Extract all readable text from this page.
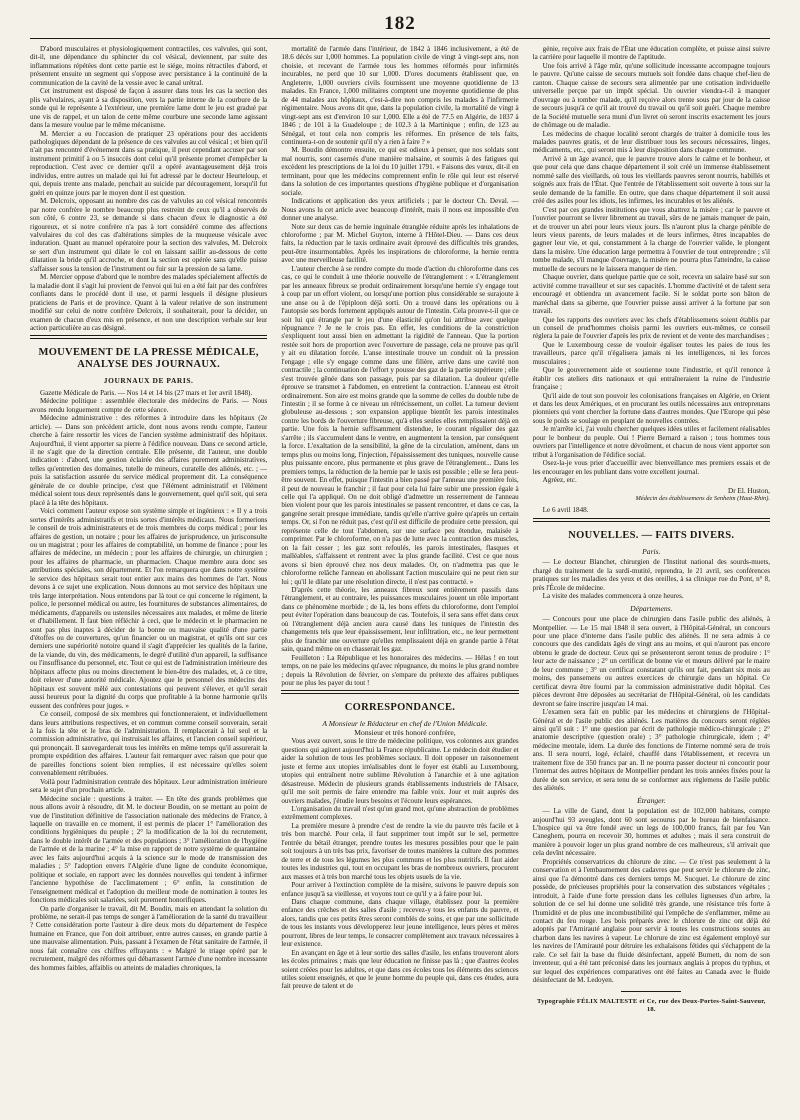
182

D'abord musculaires et physiologiquement contractiles, ces valvules, qui sont, dit-il, une dépendance du sphincter du col vésical, deviennent, par suite des inflammations répétées dont cette partie est le siége, moins rétractiles d'abord, et présentent ensuite un segment qui s'oppose avec persistance à la continuité de la communication de la cavité de la vessie avec le canal urétral.

Cet instrument est disposé de façon à assurer dans tous les cas la section des plis valvulaires, ayant à sa disposition, vers la partie interne de la courbure de la sonde qui le représente à l'extérieur, une première lame dont le jeu est gradué par une vis de rappel, et un talon de cette même courbure une seconde lame agissant dans la mesure voulue par le même mécanisme.

M. Mercier a eu l'occasion de pratiquer 23 opérations pour des accidents pathologiques dépendant de la présence de ces valvules au col vésical ; et bien qu'il n'ait pas rencontré d'événement dans sa pratique, il peut cependant accuser par son instrument primitif à ou 5 insuccès dont celui qu'il présente promet d'empêcher la reproduction. C'est avec ce dernier qu'il a opéré avantageusement déjà trois individus, entre autres un malade qui lui fut adressé par le docteur Heurteloup, et qui, depuis trente ans malade, penchait au suicide par découragement, lorsqu'il fut guéri en quinze jours par le moyen dont il est question.

M. Delcroix, opposant au nombre des cas de valvules au col vésical rencontrés par notre confrère le nombre beaucoup plus restreint de ceux qu'il a observés de son côté, 6 contre 23, se demande si dans chacun d'eux le diagnostic a été rigoureux, et si notre confrère n'a pas à tort considéré comme des affections valvulaires du col des cas d'altérations simples de la muqueuse vésicale avec induration. Quant au manuel opératoire pour la section des valvules, M. Delcroix se sert d'un instrument qui dilate le col en laissant saillir au-dessous de cette dilatation la bride qu'il accroche, et dont la section est opérée sans qu'elle puisse s'affaisser sous la tension de l'instrument ou fuir sur la pression de sa lame.

M. Mercier oppose d'abord que le nombre des malades spécialement affectés de la maladie dont il s'agit lui provient de l'envoi qui lui en a été fait par des confrères confiants dans le procédé dont il use, et parmi lesquels il désigne plusieurs praticiens de Paris et de province. Quant à la valeur relative de son instrument modifié sur celui de notre confrère Delcroix, il souhaiterait, pour la décider, un examen de chacun d'eux mis en présence, et non une description verbale sur leur action particulière au cas désigné.

MOUVEMENT DE LA PRESSE MÉDICALE, ANALYSE DES JOURNAUX.
JOURNAUX DE PARIS.

Gazette Médicale de Paris. — Nos 14 et 14 bis (27 mars et 1er avril 1848).

Médecine politique : assemblée électorale des médecins de Paris. — Nous avons rendu longuement compte de cette séance.

Médecine administrative : des réformes à introduire dans les hôpitaux (2e article). — Dans son précédent article, dont nous avons rendu compte, l'auteur cherche à faire ressortir les vices de l'ancien système administratif des hôpitaux. Aujourd'hui, il vient apporter sa pierre à l'édifice nouveau. Dans ce second article, il ne s'agit que de la direction centrale. Elle présente, dit l'auteur, une double indication : d'abord, une gestion éclairée des affaires purement administratives, telles qu'entretien des domaines, tutelle de mineurs, curatelle des aliénés, etc. ; — puis la satisfaction assurée du service médical proprement dit. La conséquence générale de ce double principe, c'est que l'élément administratif et l'élément médical soient tous deux représentés dans le gouvernement, quel qu'il soit, qui sera placé à la tête des hôpitaux.

Voici comment l'auteur expose son système simple et ingénieux : « Il y a trois sortes d'intérêts administratifs et trois sortes d'intérêts médicaux. Nous formerions le conseil de trois administrateurs et de trois membres du corps médical ; pour les affaires de gestion, un notaire ; pour les affaires de jurisprudence, un jurisconsulte ou un magistrat ; pour les affaires de comptabilité, un homme de finance ; pour les affaires de médecine, un médecin ; pour les affaires de chirurgie, un chirurgien ; pour les affaires de pharmacie, un pharmacien. Chaque membre aura donc ses attributions spéciales, son département. Et l'on remarquera que dans notre système le service des hôpitaux serait tout entier aux mains des hommes de l'art. Nous devons à ce sujet une explication. Nous donnons au mot service des hôpitaux une très large interprétation. Nous entendons par là tout ce qui concerne le régiment, la police, le personnel médical ou autre, les fournitures de substances alimentaires, de médicaments, d'appareils ou ustensiles nécessaires aux malades, et même de literie et d'habillement. Il faut bien réfléchir à ceci, que le médecin et le pharmacien ne sont pas plus inaptes à décider de la bonne ou mauvaise qualité d'une partie d'étoffes ou de couvertures, qu'un financier ou un magistrat, et qu'ils ont sur ces derniers une supériorité notoire quand il s'agit d'apprécier les qualités de la farine, de la viande, du vin, des médicaments, le degré d'utilité d'un appareil, la suffisance ou l'insuffisance du personnel, etc. Tout ce qui est de l'administration intérieure des hôpitaux affecte plus ou moins directement le bien-être des malades, et, à ce titre, doit relever d'une autorité médicale. Ajoutez que le personnel des médecins des hôpitaux est souvent mêlé aux contestations qui peuvent s'élever, et qu'il serait aussi heureux pour la dignité du corps que profitable à la bonne harmonie qu'ils eussent des confrères pour juges. »

Ce conseil, composé de six membres qui fonctionneraient, et individuellement dans leurs attributions respectives, et en commun comme conseil souverain, serait à la fois la tête et le bras de l'administration. Il remplacerait à lui seul et la commission administrative, qui instruisait les affaires, et l'ancien conseil supérieur, qui prononçait. Il sauvegarderait tous les intérêts en même temps qu'il assurerait la prompte expédition des affaires. L'auteur fait remarquer avec raison que pour que de pareilles fonctions soient bien remplies, il est nécessaire qu'elles soient convenablement rétribuées.

Voilà pour l'administration centrale des hôpitaux. Leur administration intérieure sera le sujet d'un prochain article.

Médecine sociale : questions à traiter. — En tête des grands problèmes que nous allons avoir à résoudre, dit M. le docteur Boudin, on se mettant au point de vue de l'institution définitive de l'association nationale des médecins de France, à laquelle on travaille en ce moment, il est permis de placer 1° l'amélioration des conditions hygiéniques du peuple ; 2° la modification de la loi du recrutement, dans le double intérêt de l'armée et des populations ; 3° l'amélioration de l'hygiène de l'armée et de la marine ; 4° la mise en rapport de notre système de quarantaine avec les faits aujourd'hui acquis à la science sur le mode de transmission des maladies ; 5° l'adoption envers l'Algérie d'une ligne de conduite économique, politique et sociale, en rapport avec les données nouvelles qui tendent à infirmer l'ancienne hypothèse de l'acclimatement ; 6° enfin, la constitution de l'enseignement médical et l'adoption du meilleur mode de nomination à toutes les fonctions médicales soit salariées, soit purement honorifiques.

On parle d'organiser le travail, dit M. Boudin, mais en attendant la solution du problème, ne serait-il pas temps de songer à l'amélioration de la santé du travailleur ? Cette considération porte l'auteur à dire deux mots du département de l'espèce humaine en France, que l'on doit attribuer, entre autres causes, en grande partie à une mauvaise alimentation. Puis, passant à l'examen de l'état sanitaire de l'armée, il nous fait connaître ces chiffres effrayants : « Malgré le triage opéré par le recrutement, malgré des réformes qui débarrassent l'armée d'une nombre incessante des hommes faibles, affaiblis ou atteints de maladies chroniques, la

mortalité de l'armée dans l'intérieur, de 1842 à 1846 inclusivement, a été de 18.6 décès sur 1,000 hommes. La population civile de vingt à vingt-sept ans, non choisie, et recevant de l'armée tous les hommes réformés pour infirmités incurables, ne perd que 10 sur 1,000. D'ores documents établissent que, en Angleterre, 1,000 ouvriers civils fournissent une moyenne quotidienne de 13 malades. En France, 1,000 militaires comptent une moyenne quotidienne de plus de 44 malades aux hôpitaux, c'est-à-dire non compris les malades à l'infirmerie régimentaire. Nous avons dit que, dans la population civile, la mortalité de vingt à vingt-sept ans est d'environ 10 sur 1,000. Elle a été de 77.5 en Algérie, de 1837 à 1846 ; de 101 à la Guadeloupe ; de 102.3 à la Martinique ; enfin, de 123 au Sénégal, et tout cela non compris les réformes. En présence de tels faits, continuera-t-on de soutenir qu'il n'y a rien à faire ? »

M. Boudin démontre ensuite, ce qui est odieux à penser, que nos soldats sont mal nourris, sont casernés d'une manière malsaine, et soumis à des fatigues qui excèdent les prescriptions de la loi du 10 juillet 1791. « Faisons des vœux, dit-il en terminant, pour que les médecins comprennent enfin le rôle qui leur est réservé dans la solution de ces importantes questions d'hygiène publique et d'organisation sociale.

Indications et application des yeux artificiels ; par le docteur Ch. Deval. — Nous avons lu cet article avec beaucoup d'intérêt, mais il nous est impossible d'en donner une analyse.

Note sur deux cas de hernie inguinale étranglée réduite après les inhalations de chloroforme ; par M. Michel Guyton, interne à l'Hôtel-Dieu. — Dans ces deux faits, la réduction par le taxis ordinaire avait éprouvé des difficultés très grandes, peut-être insurmontables. Après les inspirations de chloroforme, la hernie rentra avec une merveilleuse facilité.

L'auteur cherche à se rendre compte du mode d'action du chloroforme dans ces cas, ce qui le conduit à une théorie nouvelle de l'étranglement : « L'étranglement par les anneaux fibreux se produit ordinairement lorsqu'une hernie s'y engage tout à coup par un effort violent, ou lorsqu'une portion plus considérable se surajoute à une anse ou à de l'épiploon déjà sorti. On a trouvé dans les opérations ou à l'autopsie ses bords fortement appliqués autour de l'intestin. Cela prouve-t-il que ce soit lui qui étrangle par le jeu d'une élasticité qu'on lui attribue avec quelque répugnance ? Je ne le crois pas. En effet, les conditions de la constriction s'expliquent tout aussi bien en admettant la rigidité de l'anneau. Que la portion restée soit hors de proportion avec l'ouverture de passage, cela ne prouve pas qu'il y ait eu dilatation forcée. L'anse intestinale trouve un conduit où la pression l'engage ; elle s'y engage comme dans une filière, arrive dans une cavité non contractile ; la continuation de l'effort y pousse des gaz de la partie supérieure ; elle s'est trouvée gênée dans son passage, puis par sa dilatation. La douleur qu'elle éprouve se transmet à l'abdomen, en entretient la contraction. L'anneau est étroit ordinairement. Son aire est moins grande que la somme de celles du double tube de l'intestin ; il se forme à ce niveau un rétrécissement, un collet. La tumeur devient globuleuse au-dessous ; son expansion applique bientôt les parois intestinales contre les bords de l'ouverture fibreuse, qu'à elles seules elles remplissaient déjà en partie. Une fois la hernie suffisamment distendue, le courant régulier des gaz s'arrête ; ils s'accumulent dans le ventre, en augmentent la tension, par conséquent la force. L'exaltation de la sensibilité, la gêne de la circulation, amènent, dans un temps plus ou moins long, l'injection, l'épaississement des tuniques, nouvelle cause plus puissante encore, plus permanente et plus grave de l'étranglement... Dans les premiers temps, la réduction de la hernie par le taxis est possible ; elle se fera peut-être souvent. En effet, puisque l'intestin a bien passé par l'anneau une première fois, il peut de nouveau le franchir ; il faut pour cela lui faire subir une pression égale à celle qui l'a appliqué. On ne doit obligé d'admettre un resserrement de l'anneau bien violent pour que les parois intestinales se passent rencontrer, et dans ce cas, la gangrène serait presque immédiate, tandis qu'elle n'arrive guère qu'après un certain temps. Or, si l'on ne réduit pas, c'est qu'il est difficile de produire cette pression, qui représente celle de tout l'abdomen, sur une surface peu étendue, malaisée à comprimer. Par le chloroforme, on n'a pas de lutte avec la contraction des muscles, on la fait cesser ; les gaz sont refoulés, les parois intestinales, flasques et malléables, s'affaissent et rentrent avec la plus grande facilité. C'est ce que nous avons si bien éprouvé chez nos deux malades. Or, on n'admettra pas que le chloroforme relâche l'anneau en abolissant l'action musculaire qui ne peut rien sur lui ; qu'il le dilate par une résolution directe, il n'est pas contracté. »

D'après cette théorie, les anneaux fibreux sont entièrement passifs dans l'étranglement, et au contraire, les puissances musculaires jouent un rôle important dans ce phénomène morbide ; de là, les bons effets du chloroforme, dont l'emploi peut éviter l'opération dans beaucoup de cas. Toutefois, il sera sans effet dans ceux où l'étranglement déjà ancien aura causé dans les tuniques de l'intestin des changements tels que leur épaississement, leur infiltration, etc., ne leur permettent plus de franchir une ouverture qu'elles remplissaient déjà en grande partie à l'état sain, quand même on en chasserait les gaz.

Feuilleton : La République et les honoraires des médecins. — Hélas ! en tout temps, on ne paie les médecins qu'avec répugnance, du moins le plus grand nombre ; depuis la Révolution de février, on s'empare du prétexte des affaires publiques pour ne plus les payer du tout !

CORRESPONDANCE.

A Monsieur le Rédacteur en chef de l'Union Médicale.

Monsieur et très honoré confrère,

Vous avez ouvert, sous le titre de médecine politique, vos colonnes aux grandes questions qui agitent aujourd'hui la France républicaine. Le médecin doit étudier et aider la solution de tous les problèmes sociaux. Il doit opposer un raisonnement juste et ferme aux utopies irréalisables dont le foyer est établi au Luxembourg, utopies qui entraînent notre sublime Révolution à l'anarchie et à une agitation désastreuse. Médecin de plusieurs grands établissements industriels de l'Alsace, qu'il me soit permis de faire entendre ma faible voix. Jour et nuit auprès des ouvriers malades, j'étudie leurs besoins et l'écoute leurs espérances.

L'organisation du travail n'est qu'un grand mot, qu'une abstraction de problèmes extrêmement complexes.

La première mesure à prendre c'est de rendre la vie du pauvre très facile et à très bon marché. Pour cela, il faut supprimer tout impôt sur le sel, permettre l'entrée du bétail étranger, prendre toutes les mesures possibles pour que le pain soit toujours à un très bas prix, favoriser de toutes manières la culture des pommes de terre et de tous les légumes les plus communs et les plus nutritifs. Il faut aider toutes les industries qui, tout en occupant les bras de nombreux ouvriers, procurent aux masses et à très bon marché tous les objets usuels de la vie.

Pour arriver à l'extinction complète de la misère, suivons le pauvre depuis son enfance jusqu'à sa vieillesse, et voyons tout ce qu'il y a à faire pour lui.

Dans chaque commune, dans chaque village, établissez pour la première enfance des crèches et des salles d'asile ; recevez-y tous les enfants du pauvre, et alors, tandis que ces petits êtres seront comblés de soins, et que par une sollicitude de tous les instants vous développerez leur jeune intelligence, leurs pères et mères pourront, libres de leur temps, le consacrer complètement aux travaux nécessaires à leur existence.

En avançant en âge et à leur sortie des salles d'asile, les enfans trouveront alors les écoles primaires ; mais que leur éducation ne finisse pas là ; que d'autres écoles soient créées pour les adultes, et que dans ces écoles tous les éléments des sciences utiles soient enseignés, et que le jeune homme du peuple qui, dans ces études, aura fait preuve de talent et de

génie, reçoive aux frais de l'État une éducation complète, et puisse ainsi suivre la carrière pour laquelle il montre de l'aptitude.

Une fois arrivé à l'âge mûr, qu'une sollicitude incessante accompagne toujours le pauvre. Qu'une caisse de secours mutuels soit fondée dans chaque chef-lieu de canton. Chaque caisse de secours sera alimentée par une cotisation individuelle universelle perçue par un impôt spécial. Un ouvrier viendra-t-il à manquer d'ouvrage ou à tomber malade, qu'il reçoive alors trente sous par jour de la caisse de secours jusqu'à ce qu'il ait trouvé du travail ou qu'il soit guéri. Chaque membre de la Société mutuelle sera muni d'un livret où seront inscrits exactement les jours de chômage ou de maladie.

Les médecins de chaque localité seront chargés de traiter à domicile tous les malades pauvres gratis, et de leur distribuer tous les secours nécessaires, linges, médicaments, etc., qui seront mis à leur disposition dans chaque commune.

Arrivé à un âge avancé, que le pauvre trouve alors le calme et le bonheur, et que pour cela que dans chaque département il soit créé un immense établissement nommé salle des vieillards, où tous les vieillards pauvres seront nourris, habillés et soignés aux frais de l'État. Que l'entrée de l'établissement soit ouverte à tous sur la seule demande de la famille. En outre, que dans chaque département il soit aussi créé des asiles pour les idiots, les infirmes, les incurables et les aliénés.

C'est par ces grandes institutions que vous abattrez la misère ; car le pauvre et l'ouvrier pourront se livrer librement au travail, sûrs de ne jamais manquer de pain, et de trouver un abri pour leurs vieux jours. Ils n'auront plus la charge pénible de leurs vieux parents, de leurs malades et de leurs infirmes, êtres incapables de gagner leur vie, et qui, constamment à la charge de l'ouvrier valide, le plongent dans la misère. Une éducation large permettra à l'ouvrier de tout entreprendre ; s'il tombe malade, s'il manque d'ouvrage, la misère ne pourra plus l'atteindre, la caisse mutuelle de secours ne le laissera manquer de rien.

Chaque ouvrier, dans quelque partie que ce soit, recevra un salaire basé sur son activité comme travailleur et sur ses capacités. L'homme d'activité et de talent sera encouragé et obtiendra un avancement facile. Si le soldat porte son bâton de maréchal dans sa giberne, que l'ouvrier puisse aussi arriver à la fortune par son travail.

Que les rapports des ouvriers avec les chefs d'établissemens soient établis par un conseil de prud'hommes choisis parmi les ouvriers eux-mêmes, ce conseil réglera la paie de l'ouvrier d'après les prix de revient et de vente des marchandises ;

Que le Luxembourg cesse de vouloir égaliser toutes les paies de tous les travailleurs, parce qu'il n'égalisera jamais ni les intelligences, ni les forces musculaires ;

Que le gouvernement aide et soutienne toute l'industrie, et qu'il renonce à établir ces ateliers dits nationaux et qui entraîneraient la ruine de l'industrie française ;

Qu'il aide de tout son pouvoir les colonisations françaises en Algérie, en Orient et dans les deux Amériques, et en procurant les outils nécessaires aux entreprenans pionniers qui vont chercher la fortune dans d'autres mondes. Que l'Europe qui pèse sous le poids se soulage en peuplant de nouvelles contrées.

Je m'arrête ici, j'ai voulu chercher quelques idées utiles et facilement réalisables pour le bonheur du peuple. Oui ! Pierre Bernard a raison ; tous hommes tous ouvriers par l'intelligence et notre dévoûment, et chacun de nous vient apporter son tribut à l'organisation de l'édifice social.

Osez-la-je vous prier d'accueillir avec bienveillance mes premiers essais et de les encourager en les publiant dans votre excellent journal.

Agréez, etc.

Dr El. Huston,
Médecin des établissemens de Senheim (Haut-Rhin).
Le 6 avril 1848.
NOUVELLES. — FAITS DIVERS.
Paris.

— Le docteur Blanchet, chirurgien de l'Institut national des sourds-muets, chargé du traitement de la surdi-mutité, reprendra, le 21 avril, ses conférences pratiques sur les maladies des yeux et des oreilles, à sa clinique rue du Pont, n° 8, près l'École de médecine.

La visite des malades commencera à onze heures.

Départemens.

— Concours pour une place de chirurgien dans l'asile public des aliénés, à Montpellier. — Le 15 mai 1848 il sera ouvert, à l'Hôpital-Général, un concours pour une place d'interne dans l'asile public des aliénés. Il ne sera admis à ce concours que des candidats âgés de vingt ans au moins, et qui n'auront pas encore obtenu le grade de docteur. Ceux qui se présenteront seront tenus de produire : 1° leur acte de naissance ; 2° un certificat de bonne vie et mœurs délivré par le maire de leur commune ; 3° un certificat constatant qu'ils ont fait, pendant six mois au moins, des pansemens ou autres exercices de chirurgie dans un hôpital. Ce certificat devra être fourni par la commission administrative dudit hôpital. Ces pièces devront être déposées au secrétariat de l'Hôpital-Général, où les candidats devront se faire inscrire jusqu'au 14 mai.

L'examen sera fait en public par les médecins et chirurgiens de l'Hôpital-Général et de l'asile public des aliénés. Les matières du concours seront réglées ainsi qu'il suit : 1° une question par écrit de pathologie médico-chirurgicale ; 2° anatomie descriptive (question orale) ; 3° pathologie chirurgicale, idem ; 4° médecine mentale, idem. La durée des fonctions de l'interne nommé sera de trois ans. Il sera nourri, logé, éclairé, chauffé dans l'établissement, et recevra un traitement fixe de 350 francs par an. Il ne pourra passer docteur ni concourir pour l'internat des autres hôpitaux de Montpellier pendant les trois années fixées pour la durée de son service, et sera tenu de se conformer aux règlemens de l'asile public des aliénés.

Étranger.

— La ville de Gand, dont la population est de 102,000 habitans, compte aujourd'hui 93 aveugles, dont 60 sont secourus par le bureau de bienfaisance. L'hospice qui va être fondé avec un legs de 100,000 francs, fait par feu Van Caneghem, pourra en recevoir 30, hommes et adultes ; mais il sera construit de manière à pouvoir loger un plus grand nombre de ces malheureux, s'il arrivait que cela devînt nécessaire.

Propriétés conservatrices du chlorure de zinc. — Ce n'est pas seulement à la conservation et à l'embaumement des cadavres que peut servir le chlorure de zinc, ainsi que l'a démontré dans ces derniers temps M. Sucquet. Le chlorure de zinc possède, de précieuses propriétés pour la conservation des substances végétales ; introduit, à l'aide d'une forte pression dans les cellules ligneuses d'un arbre, la solution de ce sel lui donne une solidité très grande, une résistance très forte à l'humidité et de plus une incombustibilité qui l'empêche de s'enflammer, même au contact du feu rouge. Les bois préparés avec le chlorure de zinc ont déjà été adoptés par l'Amirauté anglaise pour servir à toutes les constructions soutes au charbon dans les navires à vapeur. Le chlorure de zinc est également employé sur les navires de l'Amirauté pour détruire les exhalaisons fétides qui s'échappent de la cale. Ce sel fait la base du fluide désinfectant, appelé Burnett, du nom de son inventeur, qui a été tant préconisé dans les journaux anglais à propos du typhus, et sur lequel des expériences comparatives ont été faites au Canada avec le fluide désinfectant de M. Ledoyen.

Typographie FÉLIX MALTESTE et Ce, rue des Deux-Portes-Saint-Sauveur, 18.
